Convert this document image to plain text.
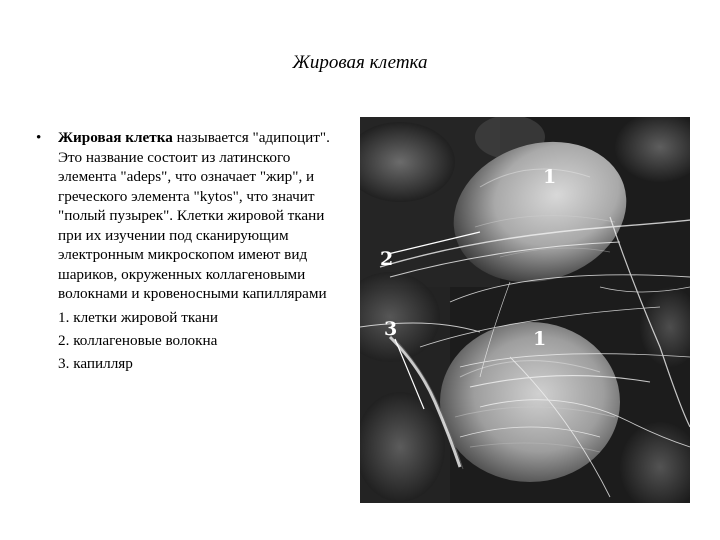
Жировая клетка

• Жировая клетка называется "адипоцит". Это название состоит из латинского элемента "adeps", что означает "жир", и греческого элемента "kytos", что значит "полый пузырек". Клетки жировой ткани при их изучении под сканирующим электронным микроскопом имеют вид шариков, окруженных коллагеновыми волокнами и кровеносными капиллярами

1. клетки жировой ткани
2. коллагеновые волокна
3. капилляр
1
2
3	1
